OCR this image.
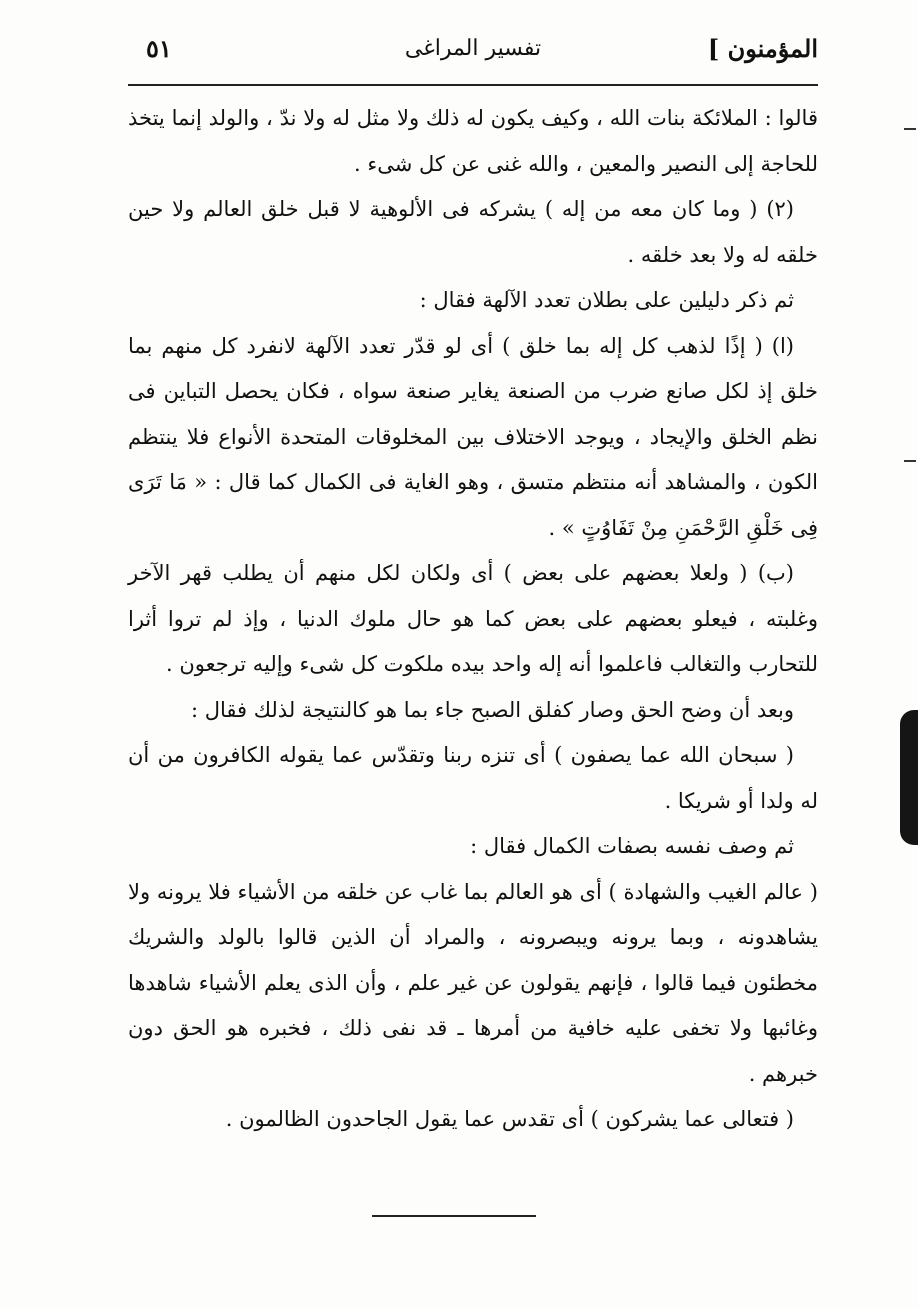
المؤمنون ]
تفسير المراغى
٥١

قالوا : الملائكة بنات الله ، وكيف يكون له ذلك ولا مثل له ولا ندّ ، والولد إنما يتخذ للحاجة إلى النصير والمعين ، والله غنى عن كل شىء .

(٢) ( وما كان معه من إله ) يشركه فى الألوهية لا قبل خلق العالم ولا حين خلقه له ولا بعد خلقه .

ثم ذكر دليلين على بطلان تعدد الآلهة فقال :

(ا) ( إذًا لذهب كل إله بما خلق ) أى لو قدّر تعدد الآلهة لانفرد كل منهم بما خلق إذ لكل صانع ضرب من الصنعة يغاير صنعة سواه ، فكان يحصل التباين فى نظم الخلق والإيجاد ، ويوجد الاختلاف بين المخلوقات المتحدة الأنواع فلا ينتظم الكون ، والمشاهد أنه منتظم متسق ، وهو الغاية فى الكمال كما قال : « مَا تَرَى فِى خَلْقِ الرَّحْمَنِ مِنْ تَفَاوُتٍ » .

(ب) ( ولعلا بعضهم على بعض ) أى ولكان لكل منهم أن يطلب قهر الآخر وغلبته ، فيعلو بعضهم على بعض كما هو حال ملوك الدنيا ، وإذ لم تروا أثرا للتحارب والتغالب فاعلموا أنه إله واحد بيده ملكوت كل شىء وإليه ترجعون .

وبعد أن وضح الحق وصار كفلق الصبح جاء بما هو كالنتيجة لذلك فقال :

( سبحان الله عما يصفون ) أى تنزه ربنا وتقدّس عما يقوله الكافرون من أن له ولدا أو شريكا .

ثم وصف نفسه بصفات الكمال فقال :

( عالم الغيب والشهادة ) أى هو العالم بما غاب عن خلقه من الأشياء فلا يرونه ولا يشاهدونه ، وبما يرونه ويبصرونه ، والمراد أن الذين قالوا بالولد والشريك مخطئون فيما قالوا ، فإنهم يقولون عن غير علم ، وأن الذى يعلم الأشياء شاهدها وغائبها ولا تخفى عليه خافية من أمرها ـ قد نفى ذلك ، فخبره هو الحق دون خبرهم .

( فتعالى عما يشركون ) أى تقدس عما يقول الجاحدون الظالمون .
